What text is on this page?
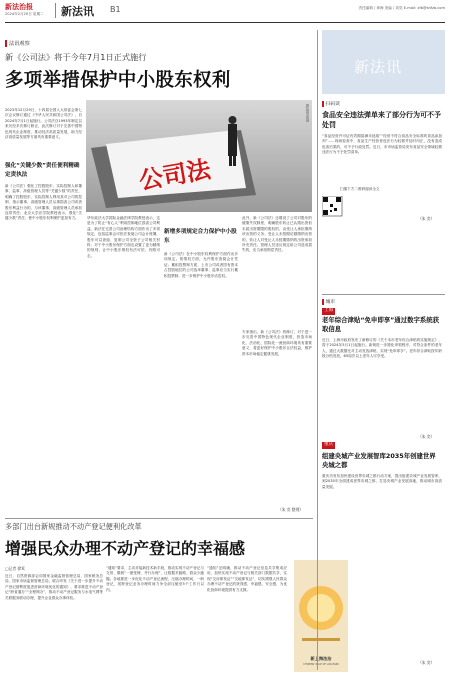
新法治报
2024年2月20日 星期二 新法讯 B1	责任编辑 / 章海 美编 / 刘奕 E-mail: xfb@shfzb.com
法讯观察
新《公司法》将于今年7月1日正式施行
多项举措保护中小股东权利
2023年12月29日，十四届全国人大常委会第七次会议修订通过《中华人民共和国公司法》，自2024年7月1日起施行。公司法自1993年制定以来历经多次修订修正，此次修订对于完善中国特色现代企业制度、推动经济高质量发展，助力经济高质量发展等方面具有重要意义。
公司法
图/视觉中国
强化“关键少数”责任便利精确定责执法
新《公司法》强化了控股股东、实际控制人和董事、监事、高级管理人员等“关键少数”的责任，明确了控股股东、实际控制人利用其对公司的控制、指示董事、高级管理人员从事损害公司或者股东利益行为的，与该董事、高级管理人员承担连带责任；北京大学法学院教授表示，强化“关键少数”责任，使中小股东权利保护更加有力。	华东政法大学国际金融法律学院教授表示，这是为了防止“有心人”利用控制地位损害公司利益。新法在完善公司治理结构方面作出了多项规定，包括监事会可依法查阅公司会计账簿，股东可以查阅、复制公司全资子公司相关材料；对于中小股东保护方面也设置了更为精细的规则，让中小股东维权有法可依、有路可走。
新增多项规定合力保护中小股东
新《公司法》在中小股东权利保护方面作出多项规定。知情权方面，允许股东查阅会计凭证；累积投票制方面，上市公司或者国有资本占控股地位的公司选举董事、监事应当实行累积投票制，进一步保护中小股东话语权。
此外，新《公司法》还增设了公司对股东的催缴失权制度，明确股东转让已认缴出资但未届出资期限的股权的，由受让人承担缴纳该出资的义务；受让人未按期足额缴纳出资的，转让人对受让人未按期缴纳的出资承担补充责任。管理人员违反规定给公司造成损失的，应当承担赔偿责任。
专家指出，新《公司法》的修订，对于进一步完善中国特色现代企业制度，营造市场化、法治化、国际化一流营商环境具有重要意义，将更好保护中小股东合法权益，维护资本市场稳定健康发展。
（朱 奕 整理）
多部门出台新规推动不动产登记便利化改革
增强民众办理不动产登记的幸福感
□记者 徐鸾
近日，自然资源部会同国家金融监督管理总局、国家税务总局、国家市场监督管理总局，联合印发《关于进一步提升不动产登记便利度促进营商环境优化的通知》，要求推进不动产登记“跨省通办”“全程网办”，推动不动产登记服务与水电气网等关联服务联动办理，提升企业群众办事体验。
“通知”要求，主动对接新技术新手段，推动实现不动产登记与交易、缴税“一窗受理、并行办理”，让数据多跑路、群众少跑腿。各地要进一步优化不动产登记流程，压缩办理时间，一般登记、抵押登记业务办理时间力争全部压缩至5个工作日以内。
“通知”还明确，推动不动产登记信息共享集成应用，加快实现不动产登记与相关部门数据共享，实现“交房即发证”“交地即发证”，切实增强人民群众办理不动产登记的获得感、幸福感、安全感，为优化营商环境提供有力支撑。
新上海法治
CITIZENS' RULE OF LAW PARK
新法讯
扫码读
食品安全违法弹单来了部分行为可不予处罚
“食品经营许可证有效期届满未延续”“经营不符合食品安全标准的食品添加剂”……现场检查中，食品生产经营者违法行为轻微并及时纠正，没有造成危害后果的，可不予行政处罚。近日，市市场监管局发布食品安全领域轻微违法行为不予处罚清单。
扫描下方二维码阅读全文
（朱 奕）
城市
上海
老年综合津贴“免申即享”通过数字系统获取信息
近日，上海市政府发布了新修订的《关于本市老年综合津贴的实施规定》，将于2024年5月1日起施行。新规进一步简化申领程序，对符合条件的老年人，通过大数据比对主动发放津贴，实现“免申即享”。老年综合津贴按年龄段分档发放，65周岁以上老年人可享受。
（朱 奕）
重庆
组建央城产业发展智库2035年创建世界央城之都
重庆市发布加快建设世界央城之都行动方案，提出组建央城产业发展智库，到2035年全面建成世界央城之都，打造央城产业发展高地，推动城市高质量发展。
（朱 奕）
